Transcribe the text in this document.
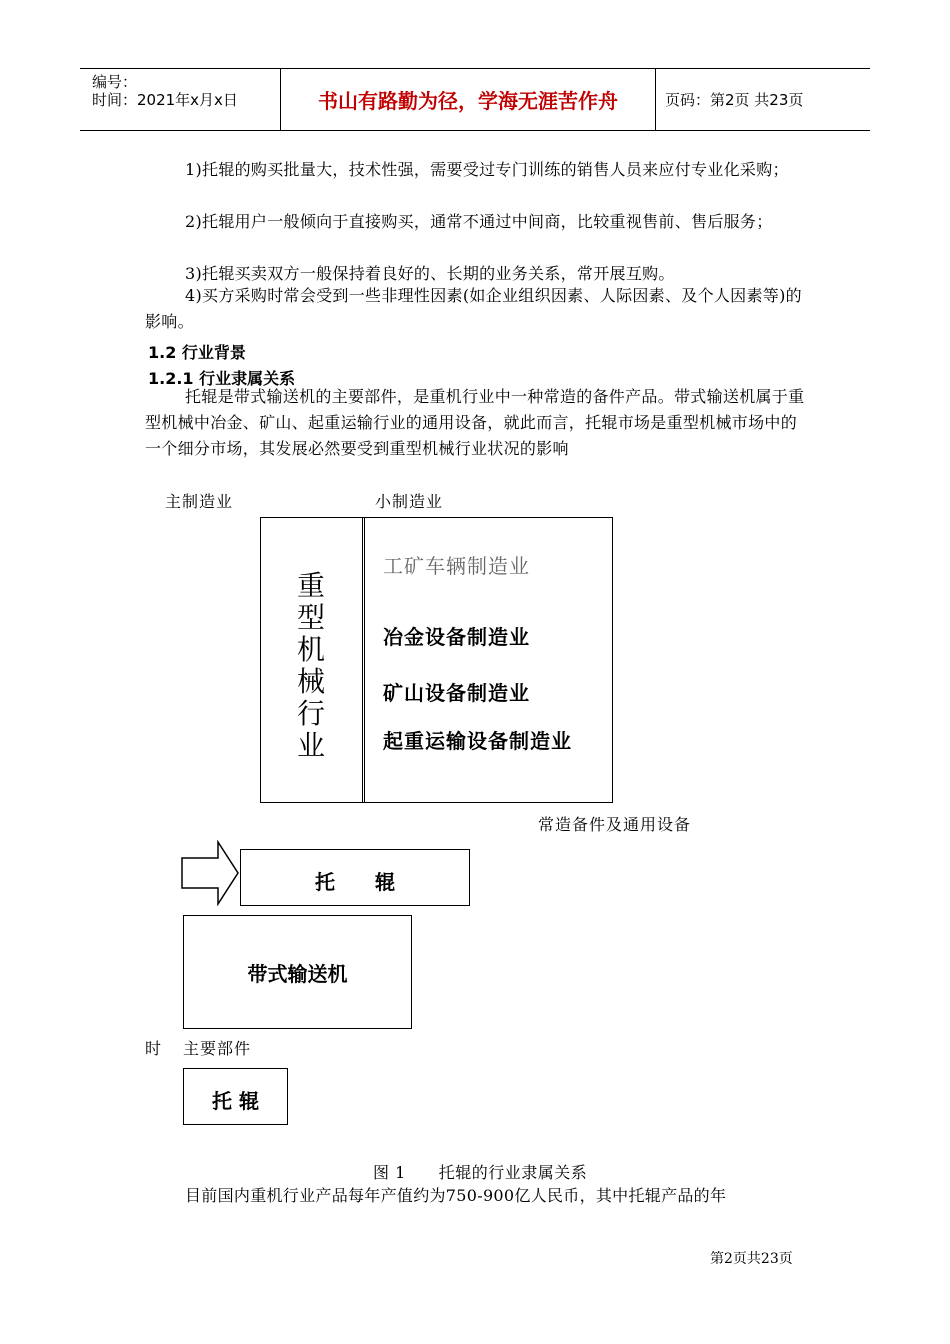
编号：
时间：2021年x月x日	书山有路勤为径，学海无涯苦作舟	页码：第2页 共23页
1)托辊的购买批量大，技术性强，需要受过专门训练的销售人员来应付专业化采购；
2)托辊用户一般倾向于直接购买，通常不通过中间商，比较重视售前、售后服务；
3)托辊买卖双方一般保持着良好的、长期的业务关系，常开展互购。
4)买方采购时常会受到一些非理性因素(如企业组织因素、人际因素、及个人因素等)的影响。
1.2 行业背景
1.2.1 行业隶属关系
托辊是带式输送机的主要部件，是重机行业中一种常造的备件产品。带式输送机属于重型机械中冶金、矿山、起重运输行业的通用设备，就此而言，托辊市场是重型机械市场中的一个细分市场，其发展必然要受到重型机械行业状况的影响
主制造业	小制造业
重
型
机
械
行
业
工矿车辆制造业
冶金设备制造业
矿山设备制造业
起重运输设备制造业
常造备件及通用设备
托　　辊
带式输送机
时 主要部件
托 辊
图 1　　托辊的行业隶属关系
目前国内重机行业产品每年产值约为750-900亿人民币，其中托辊产品的年
第2页共23页
